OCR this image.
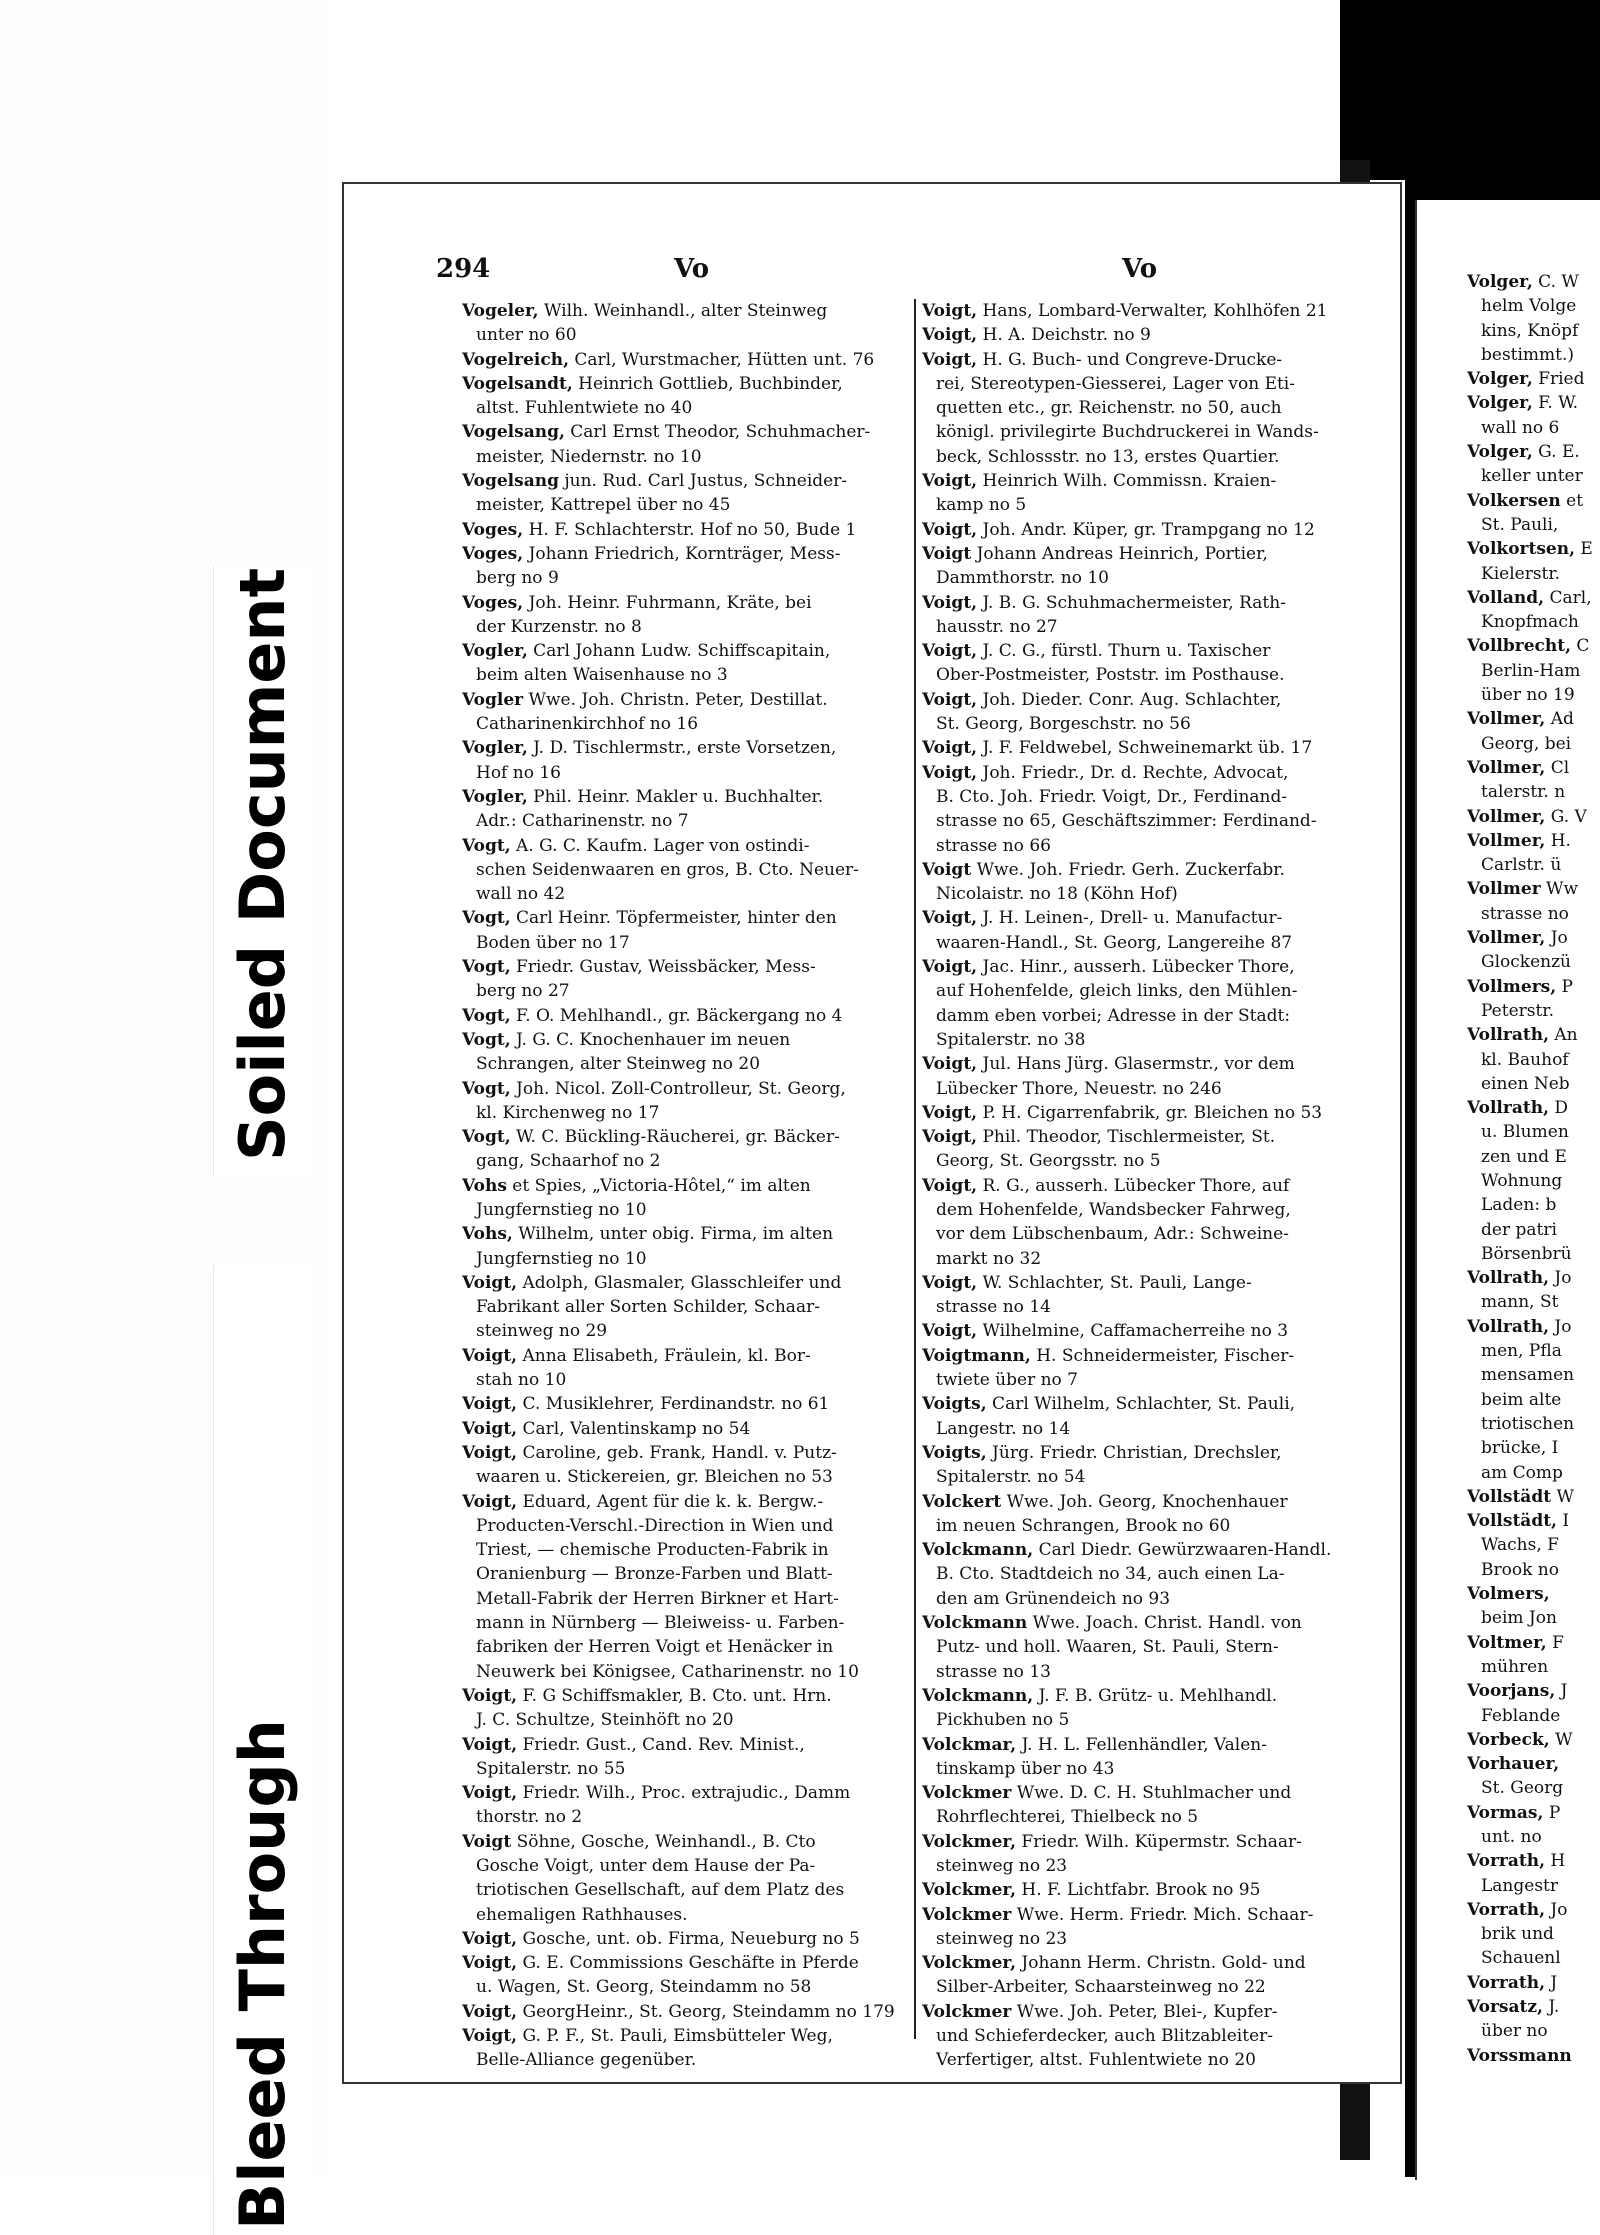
Soiled Document
Bleed Through
294	Vo	Vo
Vogeler, Wilh. Weinhandl., alter Steinweg
unter no 60
Vogelreich, Carl, Wurstmacher, Hütten unt. 76
Vogelsandt, Heinrich Gottlieb, Buchbinder,
altst. Fuhlentwiete no 40
Vogelsang, Carl Ernst Theodor, Schuhmacher-
meister, Niedernstr. no 10
Vogelsang jun. Rud. Carl Justus, Schneider-
meister, Kattrepel über no 45
Voges, H. F. Schlachterstr. Hof no 50, Bude 1
Voges, Johann Friedrich, Kornträger, Mess-
berg no 9
Voges, Joh. Heinr. Fuhrmann, Kräte, bei
der Kurzenstr. no 8
Vogler, Carl Johann Ludw. Schiffscapitain,
beim alten Waisenhause no 3
Vogler Wwe. Joh. Christn. Peter, Destillat.
Catharinenkirchhof no 16
Vogler, J. D. Tischlermstr., erste Vorsetzen,
Hof no 16
Vogler, Phil. Heinr. Makler u. Buchhalter.
Adr.: Catharinenstr. no 7
Vogt, A. G. C. Kaufm. Lager von ostindi-
schen Seidenwaaren en gros, B. Cto. Neuer-
wall no 42
Vogt, Carl Heinr. Töpfermeister, hinter den
Boden über no 17
Vogt, Friedr. Gustav, Weissbäcker, Mess-
berg no 27
Vogt, F. O. Mehlhandl., gr. Bäckergang no 4
Vogt, J. G. C. Knochenhauer im neuen
Schrangen, alter Steinweg no 20
Vogt, Joh. Nicol. Zoll-Controlleur, St. Georg,
kl. Kirchenweg no 17
Vogt, W. C. Bückling-Räucherei, gr. Bäcker-
gang, Schaarhof no 2
Vohs et Spies, „Victoria-Hôtel,“ im alten
Jungfernstieg no 10
Vohs, Wilhelm, unter obig. Firma, im alten
Jungfernstieg no 10
Voigt, Adolph, Glasmaler, Glasschleifer und
Fabrikant aller Sorten Schilder, Schaar-
steinweg no 29
Voigt, Anna Elisabeth, Fräulein, kl. Bor-
stah no 10
Voigt, C. Musiklehrer, Ferdinandstr. no 61
Voigt, Carl, Valentinskamp no 54
Voigt, Caroline, geb. Frank, Handl. v. Putz-
waaren u. Stickereien, gr. Bleichen no 53
Voigt, Eduard, Agent für die k. k. Bergw.-
Producten-Verschl.-Direction in Wien und
Triest, — chemische Producten-Fabrik in
Oranienburg — Bronze-Farben und Blatt-
Metall-Fabrik der Herren Birkner et Hart-
mann in Nürnberg — Bleiweiss- u. Farben-
fabriken der Herren Voigt et Henäcker in
Neuwerk bei Königsee, Catharinenstr. no 10
Voigt, F. G Schiffsmakler, B. Cto. unt. Hrn.
J. C. Schultze, Steinhöft no 20
Voigt, Friedr. Gust., Cand. Rev. Minist.,
Spitalerstr. no 55
Voigt, Friedr. Wilh., Proc. extrajudic., Damm
thorstr. no 2
Voigt Söhne, Gosche, Weinhandl., B. Cto
Gosche Voigt, unter dem Hause der Pa-
triotischen Gesellschaft, auf dem Platz des
ehemaligen Rathhauses.
Voigt, Gosche, unt. ob. Firma, Neueburg no 5
Voigt, G. E. Commissions Geschäfte in Pferde
u. Wagen, St. Georg, Steindamm no 58
Voigt, GeorgHeinr., St. Georg, Steindamm no 179
Voigt, G. P. F., St. Pauli, Eimsbütteler Weg,
Belle-Alliance gegenüber.
Voigt, Hans, Lombard-Verwalter, Kohlhöfen 21
Voigt, H. A. Deichstr. no 9
Voigt, H. G. Buch- und Congreve-Drucke-
rei, Stereotypen-Giesserei, Lager von Eti-
quetten etc., gr. Reichenstr. no 50, auch
königl. privilegirte Buchdruckerei in Wands-
beck, Schlossstr. no 13, erstes Quartier.
Voigt, Heinrich Wilh. Commissn. Kraien-
kamp no 5
Voigt, Joh. Andr. Küper, gr. Trampgang no 12
Voigt Johann Andreas Heinrich, Portier,
Dammthorstr. no 10
Voigt, J. B. G. Schuhmachermeister, Rath-
hausstr. no 27
Voigt, J. C. G., fürstl. Thurn u. Taxischer
Ober-Postmeister, Poststr. im Posthause.
Voigt, Joh. Dieder. Conr. Aug. Schlachter,
St. Georg, Borgeschstr. no 56
Voigt, J. F. Feldwebel, Schweinemarkt üb. 17
Voigt, Joh. Friedr., Dr. d. Rechte, Advocat,
B. Cto. Joh. Friedr. Voigt, Dr., Ferdinand-
strasse no 65, Geschäftszimmer: Ferdinand-
strasse no 66
Voigt Wwe. Joh. Friedr. Gerh. Zuckerfabr.
Nicolaistr. no 18 (Köhn Hof)
Voigt, J. H. Leinen-, Drell- u. Manufactur-
waaren-Handl., St. Georg, Langereihe 87
Voigt, Jac. Hinr., ausserh. Lübecker Thore,
auf Hohenfelde, gleich links, den Mühlen-
damm eben vorbei; Adresse in der Stadt:
Spitalerstr. no 38
Voigt, Jul. Hans Jürg. Glasermstr., vor dem
Lübecker Thore, Neuestr. no 246
Voigt, P. H. Cigarrenfabrik, gr. Bleichen no 53
Voigt, Phil. Theodor, Tischlermeister, St.
Georg, St. Georgsstr. no 5
Voigt, R. G., ausserh. Lübecker Thore, auf
dem Hohenfelde, Wandsbecker Fahrweg,
vor dem Lübschenbaum, Adr.: Schweine-
markt no 32
Voigt, W. Schlachter, St. Pauli, Lange-
strasse no 14
Voigt, Wilhelmine, Caffamacherreihe no 3
Voigtmann, H. Schneidermeister, Fischer-
twiete über no 7
Voigts, Carl Wilhelm, Schlachter, St. Pauli,
Langestr. no 14
Voigts, Jürg. Friedr. Christian, Drechsler,
Spitalerstr. no 54
Volckert Wwe. Joh. Georg, Knochenhauer
im neuen Schrangen, Brook no 60
Volckmann, Carl Diedr. Gewürzwaaren-Handl.
B. Cto. Stadtdeich no 34, auch einen La-
den am Grünendeich no 93
Volckmann Wwe. Joach. Christ. Handl. von
Putz- und holl. Waaren, St. Pauli, Stern-
strasse no 13
Volckmann, J. F. B. Grütz- u. Mehlhandl.
Pickhuben no 5
Volckmar, J. H. L. Fellenhändler, Valen-
tinskamp über no 43
Volckmer Wwe. D. C. H. Stuhlmacher und
Rohrflechterei, Thielbeck no 5
Volckmer, Friedr. Wilh. Küpermstr. Schaar-
steinweg no 23
Volckmer, H. F. Lichtfabr. Brook no 95
Volckmer Wwe. Herm. Friedr. Mich. Schaar-
steinweg no 23
Volckmer, Johann Herm. Christn. Gold- und
Silber-Arbeiter, Schaarsteinweg no 22
Volckmer Wwe. Joh. Peter, Blei-, Kupfer-
und Schieferdecker, auch Blitzableiter-
Verfertiger, altst. Fuhlentwiete no 20
Volger, C. W
helm Volge
kins, Knöpf
bestimmt.)
Volger, Fried
Volger, F. W.
wall no 6
Volger, G. E.
keller unter
Volkersen et
St. Pauli,
Volkortsen, E
Kielerstr.
Volland, Carl,
Knopfmach
Vollbrecht, C
Berlin-Ham
über no 19
Vollmer, Ad
Georg, bei
Vollmer, Cl
talerstr. n
Vollmer, G. V
Vollmer, H.
Carlstr. ü
Vollmer Ww
strasse no
Vollmer, Jo
Glockenzü
Vollmers, P
Peterstr.
Vollrath, An
kl. Bauhof
einen Neb
Vollrath, D
u. Blumen
zen und E
Wohnung
Laden: b
der patri
Börsenbrü
Vollrath, Jo
mann, St
Vollrath, Jo
men, Pfla
mensamen
beim alte
triotischen
brücke, I
am Comp
Vollstädt W
Vollstädt, I
Wachs, F
Brook no
Volmers,
beim Jon
Voltmer, F
mühren
Voorjans, J
Feblande
Vorbeck, W
Vorhauer,
St. Georg
Vormas, P
unt. no
Vorrath, H
Langestr
Vorrath, Jo
brik und
Schauenl
Vorrath, J
Vorsatz, J.
über no
Vorssmann
